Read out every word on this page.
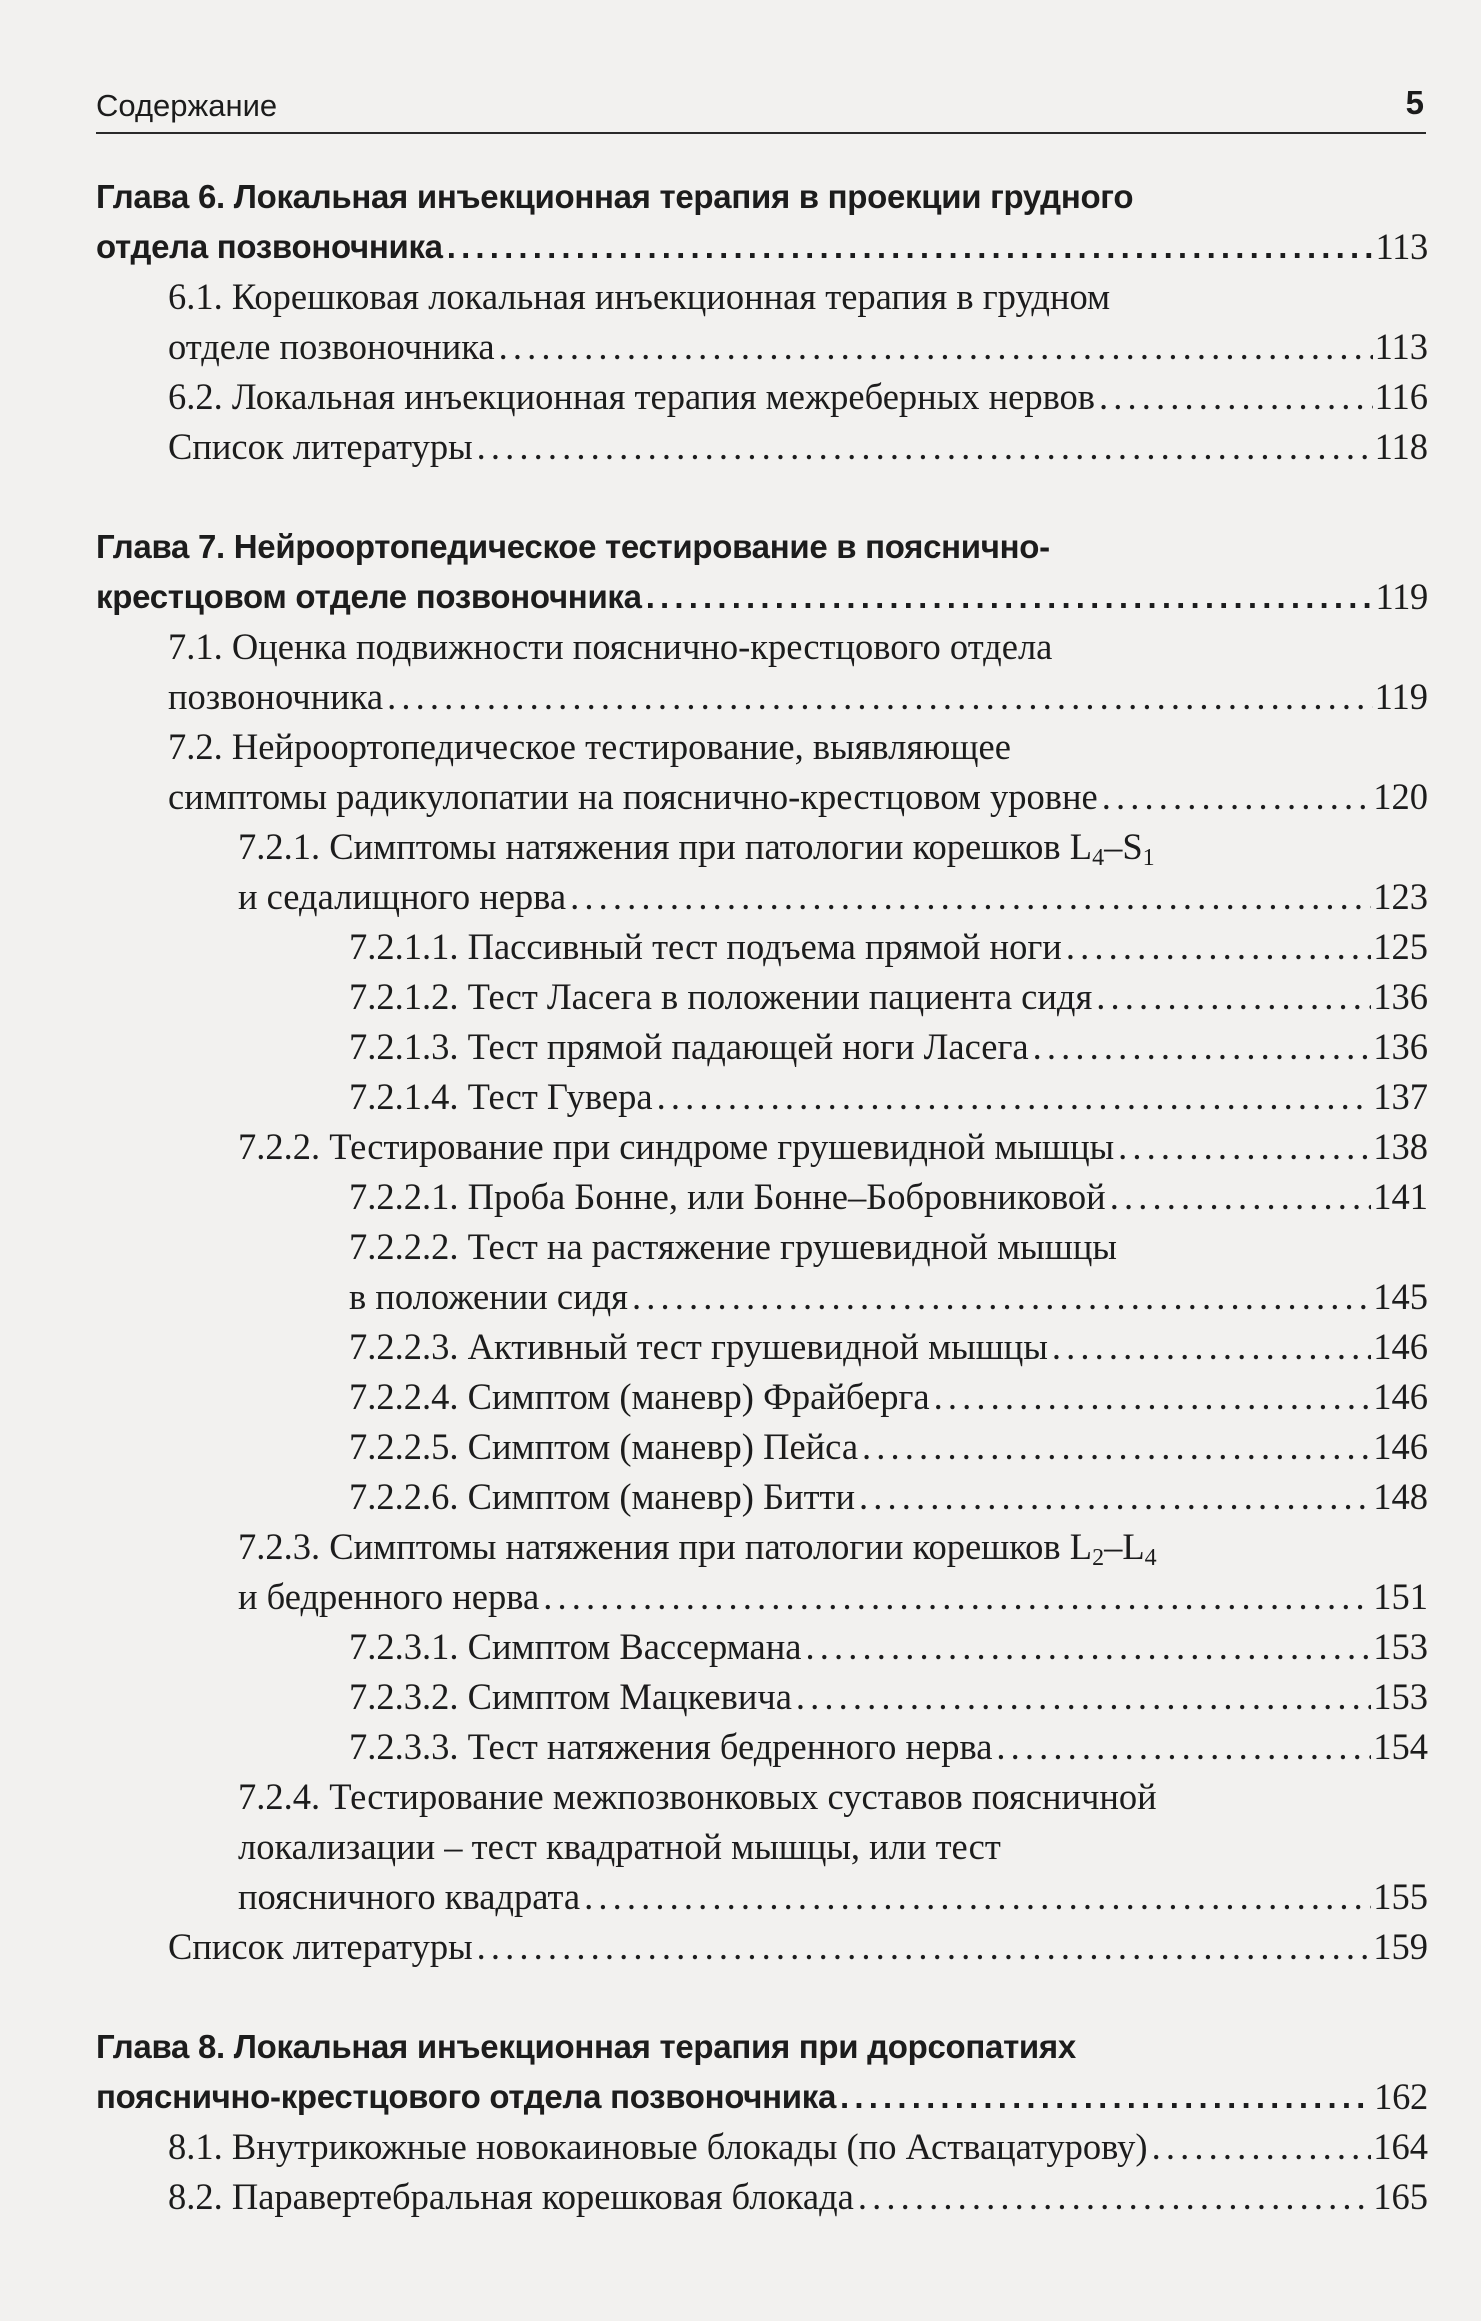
Содержание	5
Глава 6. Локальная инъекционная терапия в проекции грудного
отдела позвоночника . . .	113
6.1. Корешковая локальная инъекционная терапия в грудном
отделе позвоночника . . .	113
6.2. Локальная инъекционная терапия межреберных нервов . . .	116
Список литературы . . .	118
Глава 7. Нейроортопедическое тестирование в пояснично-
крестцовом отделе позвоночника . . .	119
7.1. Оценка подвижности пояснично-крестцового отдела
позвоночника . . .	119
7.2. Нейроортопедическое тестирование, выявляющее
симптомы радикулопатии на пояснично-крестцовом уровне . . .	120
7.2.1. Симптомы натяжения при патологии корешков $L_4-S_1$
и седалищного нерва . . .	123
7.2.1.1. Пассивный тест подъема прямой ноги . . .	125
7.2.1.2. Тест Ласега в положении пациента сидя . . .	136
7.2.1.3. Тест прямой падающей ноги Ласега . . .	136
7.2.1.4. Тест Гувера . . .	137
7.2.2. Тестирование при синдроме грушевидной мышцы . . .	138
7.2.2.1. Проба Бонне, или Бонне–Бобровниковой . . .	141
7.2.2.2. Тест на растяжение грушевидной мышцы
в положении сидя . . .	145
7.2.2.3. Активный тест грушевидной мышцы . . .	146
7.2.2.4. Симптом (маневр) Фрайберга . . .	146
7.2.2.5. Симптом (маневр) Пейса . . .	146
7.2.2.6. Симптом (маневр) Битти . . .	148
7.2.3. Симптомы натяжения при патологии корешков $L_2-L_4$
и бедренного нерва . . .	151
7.2.3.1. Симптом Вассермана . . .	153
7.2.3.2. Симптом Мацкевича . . .	153
7.2.3.3. Тест натяжения бедренного нерва . . .	154
7.2.4. Тестирование межпозвонковых суставов поясничной
локализации – тест квадратной мышцы, или тест
поясничного квадрата . . .	155
Список литературы . . .	159
Глава 8. Локальная инъекционная терапия при дорсопатиях
пояснично-крестцового отдела позвоночника . . .	162
8.1. Внутрикожные новокаиновые блокады (по Аствацатурову) . . .	164
8.2. Паравертебральная корешковая блокада . . .	165
